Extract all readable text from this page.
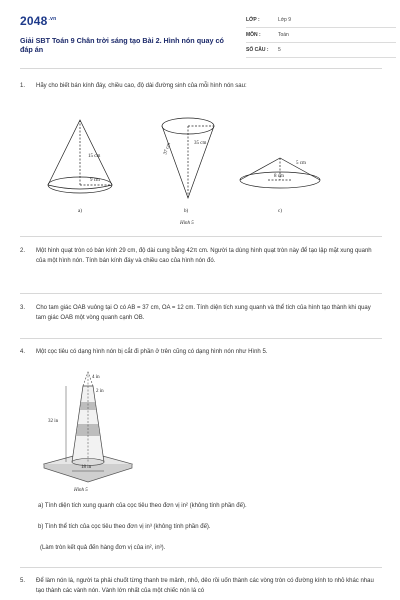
$2048^{.vn}$
Giải SBT Toán 9 Chân trời sáng tạo Bài 2. Hình nón quay có đáp án
LỚP :	Lớp 9
MÔN :	Toán
SỐ CÂU : 5
1. Hãy cho biết bán kính đáy, chiều cao, độ dài đường sinh của mỗi hình nón sau:
15 cm
9 cm
a)
35 cm
37 cm
b)
5 cm
8 cm
c)
Hình 5
2. Một hình quạt tròn có bán kính 29 cm, độ dài cung bằng 42π cm. Người ta dùng hình quạt tròn này để tạo lập mặt xung quanh của một hình nón. Tính bán kính đáy và chiều cao của hình nón đó.
3. Cho tam giác OAB vuông tại O có AB = 37 cm, OA = 12 cm. Tính diện tích xung quanh và thể tích của hình tạo thành khi quay tam giác OAB một vòng quanh cạnh OB.
4. Một cọc tiêu có dạng hình nón bị cắt đi phần ở trên cũng có dạng hình nón như Hình 5.
4 in
2 in
32 in
18 in
Hình 5
a) Tính diện tích xung quanh của cọc tiêu theo đơn vị in² (không tính phần đế).
b) Tính thể tích của cọc tiêu theo đơn vị in³ (không tính phần đế).
(Làm tròn kết quả đến hàng đơn vị của in², in³).
5. Để làm nón lá, người ta phải chuốt từng thanh tre mảnh, nhỏ, dẻo rồi uốn thành các vòng tròn có đường kính to nhỏ khác nhau tạo thành các vành nón. Vành lớn nhất của một chiếc nón lá có
